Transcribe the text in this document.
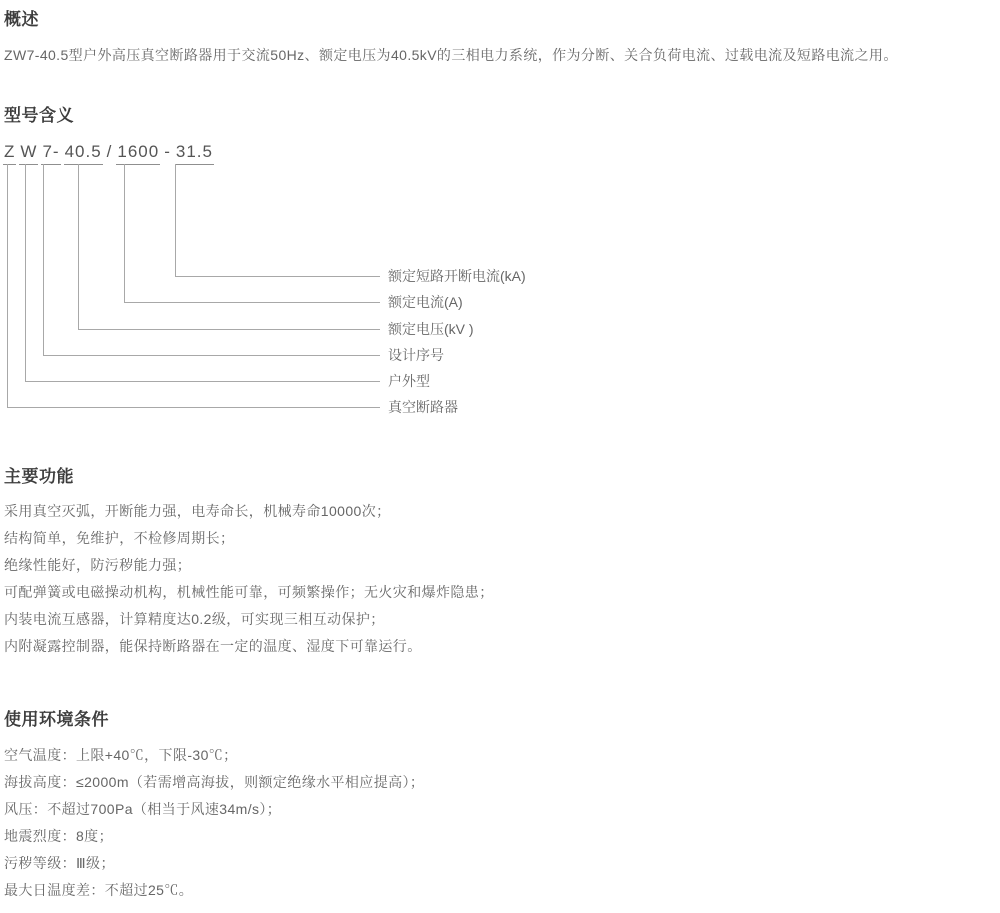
概述
ZW7-40.5型户外高压真空断路器用于交流50Hz、额定电压为40.5kV的三相电力系统，作为分断、关合负荷电流、过载电流及短路电流之用。
型号含义
Z W 7- 40.5 / 1600 - 31.5
额定短路开断电流(kA)
额定电流(A)
额定电压(kV )
设计序号
户外型
真空断路器
主要功能
采用真空灭弧，开断能力强，电寿命长，机械寿命10000次；
结构简单，免维护，不检修周期长；
绝缘性能好，防污秽能力强；
可配弹簧或电磁操动机构，机械性能可靠，可频繁操作；无火灾和爆炸隐患；
内装电流互感器，计算精度达0.2级，可实现三相互动保护；
内附凝露控制器，能保持断路器在一定的温度、湿度下可靠运行。
使用环境条件
空气温度：上限+40℃，下限-30℃；
海拔高度：≤2000m（若需增高海拔，则额定绝缘水平相应提高）；
风压：不超过700Pa（相当于风速34m/s）；
地震烈度：8度；
污秽等级：Ⅲ级；
最大日温度差：不超过25℃。
